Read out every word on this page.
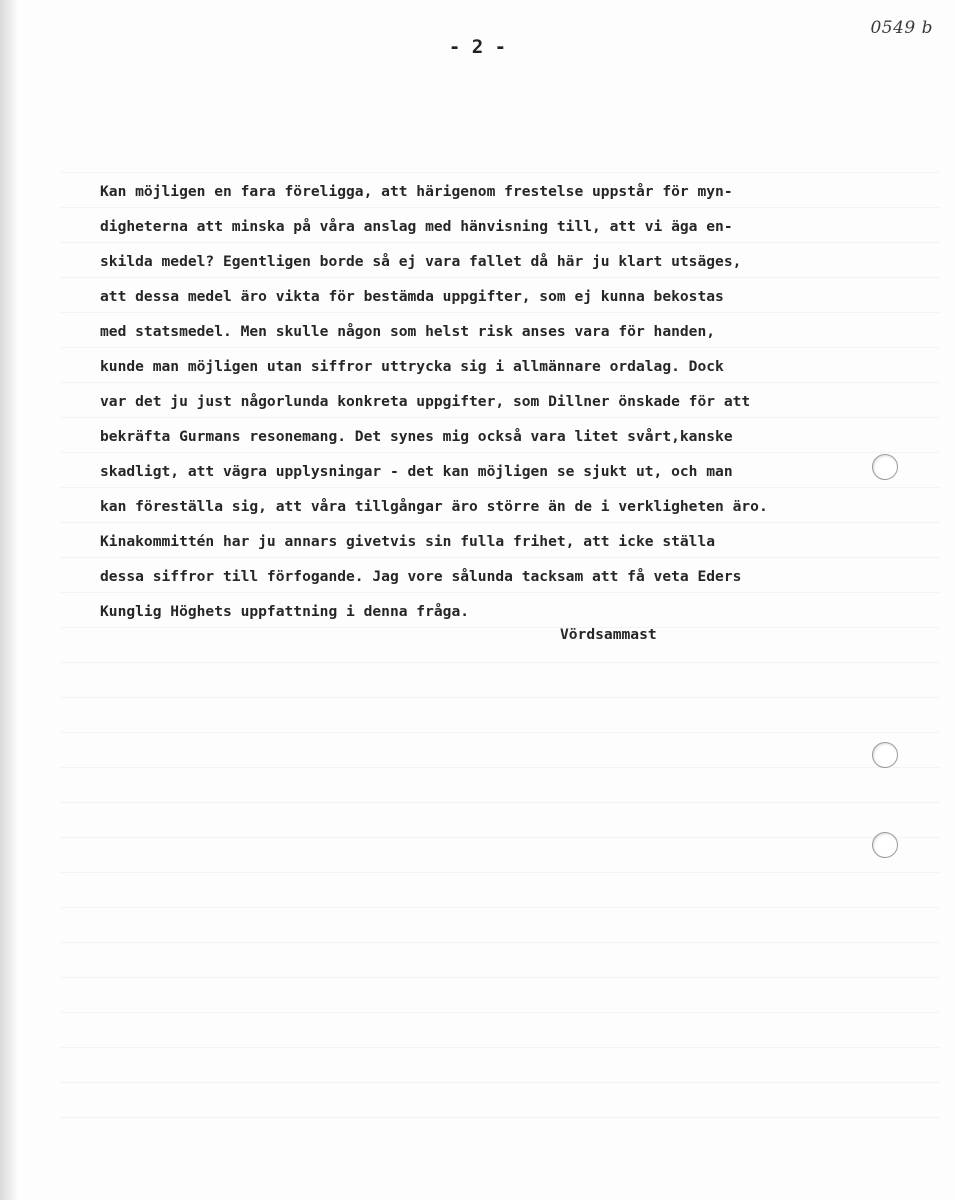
0549 b
- 2 -
Kan möjligen en fara föreligga, att härigenom frestelse uppstår för myn-
digheterna att minska på våra anslag med hänvisning till, att vi äga en-
skilda medel? Egentligen borde så ej vara fallet då här ju klart utsäges,
att dessa medel äro vikta för bestämda uppgifter, som ej kunna bekostas
med statsmedel. Men skulle någon som helst risk anses vara för handen,
kunde man möjligen utan siffror uttrycka sig i allmännare ordalag. Dock
var det ju just någorlunda konkreta uppgifter, som Dillner önskade för att
bekräfta Gurmans resonemang. Det synes mig också vara litet svårt,kanske
skadligt, att vägra upplysningar - det kan möjligen se sjukt ut, och man
kan föreställa sig, att våra tillgångar äro större än de i verkligheten äro.
Kinakommittén har ju annars givetvis sin fulla frihet, att icke ställa
dessa siffror till förfogande. Jag vore sålunda tacksam att få veta Eders
Kunglig Höghets uppfattning i denna fråga.
Vördsammast
